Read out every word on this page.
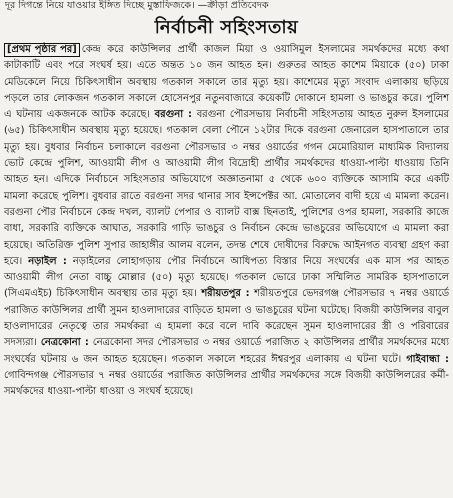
দূর দিগন্তে নিয়ে যাওয়ার ইঙ্গিত দিচ্ছে মুস্তাফিজকে। —ক্রীড়া প্রতিবেদক
নির্বাচনী সহিংসতায়
[প্রথম পৃষ্ঠার পর] কেন্দ্র করে কাউন্সিলর প্রার্থী কাজল মিয়া ও ওয়াসিমুল ইসলামের সমর্থকদের মধ্যে কথা কাটাকাটি এবং পরে সংঘর্ষ হয়। এতে অন্তত ১০ জন আহত হন। গুরুতর আহত কাশেম মিয়াকে (৫০) ঢাকা মেডিকেলে নিয়ে চিকিৎসাধীন অবস্থায় গতকাল সকালে তার মৃত্যু হয়। কাশেমের মৃত্যু সংবাদ এলাকায় ছড়িয়ে পড়লে তার লোকজন গতকাল সকালে হোসেনপুর নতুনবাজারে কয়েকটি দোকানে হামলা ও ভাঙচুর করে। পুলিশ এ ঘটনায় একজনকে আটক করেছে। বরগুনা : বরগুনা পৌরসভায় নির্বাচনী সহিংসতায় আহত নুরুল ইসলামের (৬৫) চিকিৎসাধীন অবস্থায় মৃত্যু হয়েছে। গতকাল বেলা পৌনে ১২টার দিকে বরগুনা জেনারেল হাসপাতালে তার মৃত্যু হয়। বুধবার নির্বাচন চলাকালে বরগুনা পৌরসভার ৩ নম্বর ওয়ার্ডের গগন মেমোরিয়াল মাধ্যমিক বিদ্যালয় ভোট কেন্দ্রে পুলিশ, আওয়ামী লীগ ও আওয়ামী লীগ বিদ্রোহী প্রার্থীর সমর্থকদের ধাওয়া-পাল্টা ধাওয়ায় তিনি আহত হন। এদিকে নির্বাচনে সহিংসতার অভিযোগে অজ্ঞাতনামা ৫ থেকে ৬০০ ব্যক্তিকে আসামি করে একটি মামলা করেছে পুলিশ। বুধবার রাতে বরগুনা সদর থানার সাব ইন্সপেক্টর আ. মোতালেব বাদী হয়ে এ মামলা করেন। বরগুনা পৌর নির্বাচনে কেন্দ্র দখল, ব্যালট পেপার ও ব্যালট বাক্স ছিনতাই, পুলিশের ওপর হামলা, সরকারি কাজে বাধা, সরকারি ব্যক্তিকে আঘাত, সরকারি গাড়ি ভাঙচুর ও নির্বাচন কেন্দ্রে ভাঙচুরের অভিযোগে এ মামলা করা হয়েছে। অতিরিক্ত পুলিশ সুপার জাহাঙ্গীর আলম বলেন, তদন্ত শেষে দোষীদের বিরুদ্ধে আইনগত ব্যবস্থা গ্রহণ করা হবে। নড়াইল : নড়াইলের লোহাগড়ায় পৌর নির্বাচনে আধিপত্য বিস্তার নিয়ে সংঘর্ষের এক মাস পর আহত আওয়ামী লীগ নেতা বাচ্চু মোল্লার (৫০) মৃত্যু হয়েছে। গতকাল ভোরে ঢাকা সম্মিলিত সামরিক হাসপাতালে (সিএমএইচ) চিকিৎসাধীন অবস্থায় তার মৃত্যু হয়। শরীয়তপুর : শরীয়তপুরে ভেদরগঞ্জ পৌরসভার ৭ নম্বর ওয়ার্ডে পরাজিত কাউন্সিলর প্রার্থী সুমন হাওলাদারের বাড়িতে হামলা ও ভাঙচুরের ঘটনা ঘটেছে। বিজয়ী কাউন্সিলর বাবুল হাওলাদারের নেতৃত্বে তার সমর্থকরা এ হামলা করে বলে দাবি করেছেন সুমন হাওলাদারের স্ত্রী ও পরিবারের সদস্যরা। নেত্রকোনা : নেত্রকোনা সদর পৌরসভার ৩ নম্বর ওয়ার্ডে পরাজিত ২ কাউন্সিলর প্রার্থীর সমর্থকদের মধ্যে সংঘর্ষের ঘটনায় ৬ জন আহত হয়েছেন। গতকাল সকালে শহরের ঈশ্বরপুর এলাকায় এ ঘটনা ঘটে। গাইবান্ধা : গোবিন্দগঞ্জ পৌরসভার ৭ নম্বর ওয়ার্ডের পরাজিত কাউন্সিলর প্রার্থীর সমর্থকদের সঙ্গে বিজয়ী কাউন্সিলরের কর্মী-সমর্থকদের ধাওয়া-পাল্টা ধাওয়া ও সংঘর্ষ হয়েছে।
